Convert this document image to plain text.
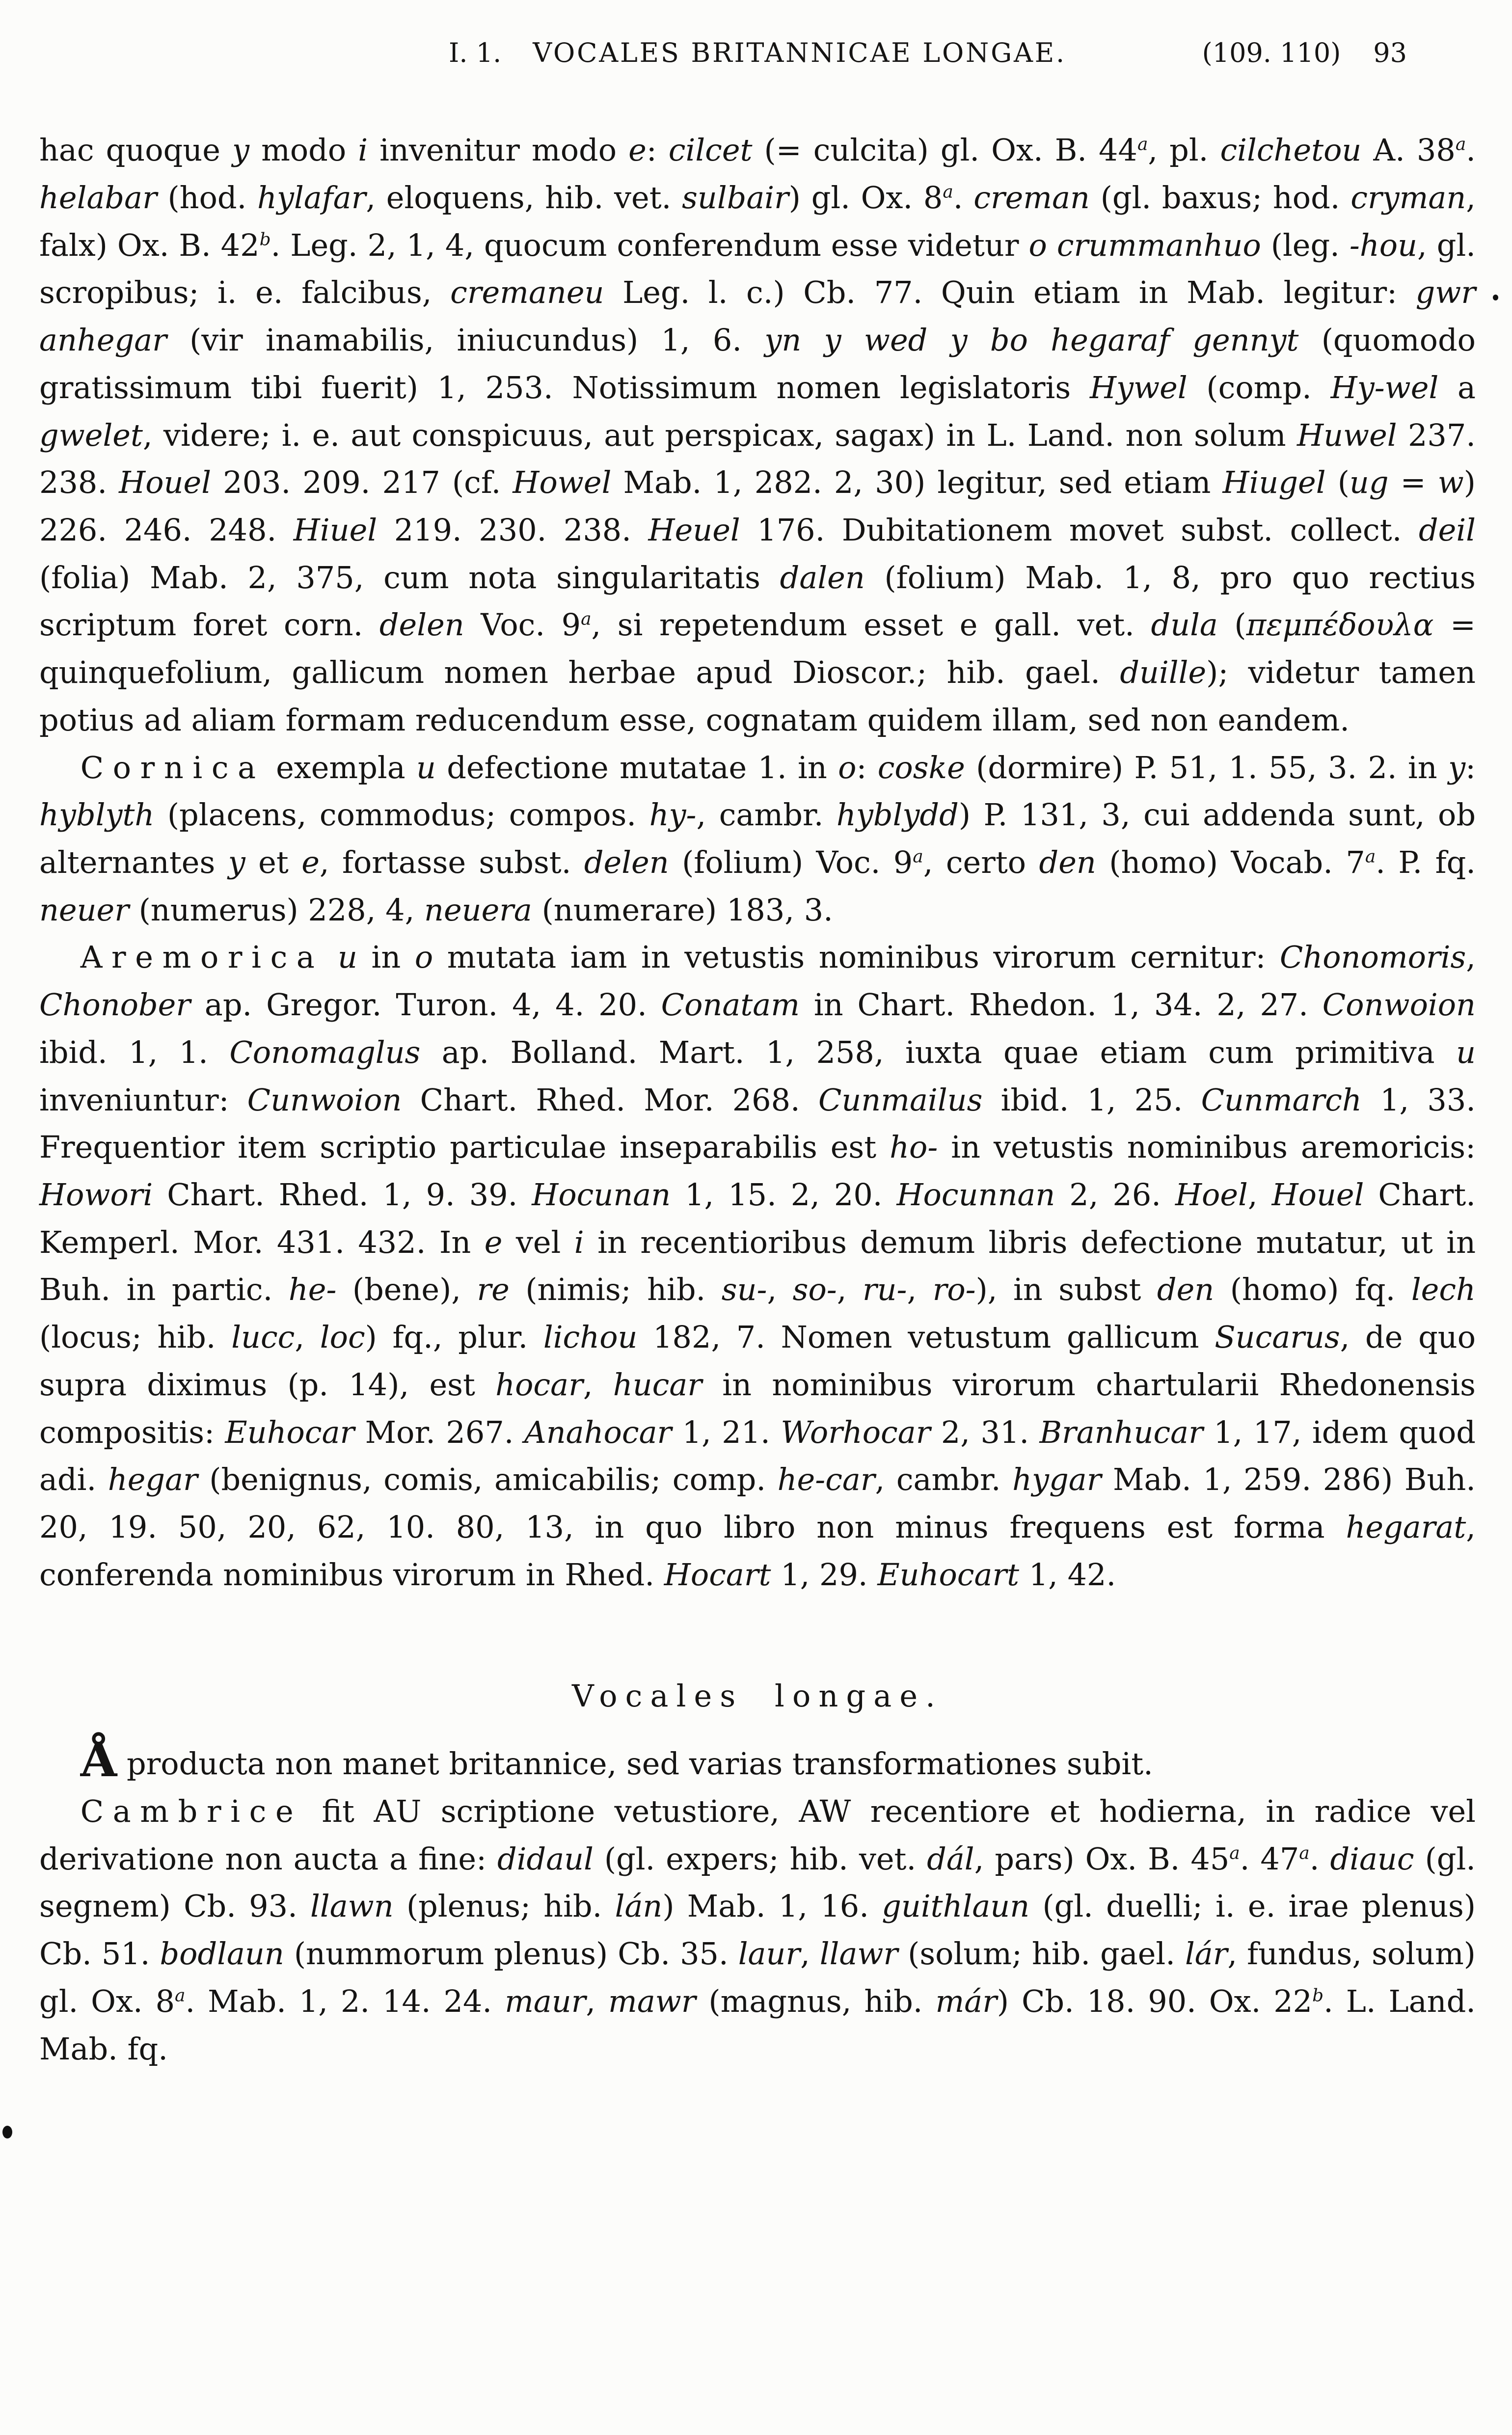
I. 1. VOCALES BRITANNICAE LONGAE.	(109. 110) 93

hac quoque y modo i invenitur modo e: cilcet (= culcita) gl. Ox. B. 44$^a$, pl. cilchetou A. 38$^a$. helabar (hod. hylafar, eloquens, hib. vet. sulbair) gl. Ox. 8$^a$. creman (gl. baxus; hod. cryman, falx) Ox. B. 42$^b$. Leg. 2, 1, 4, quocum conferendum esse videtur o crummanhuo (leg. -hou, gl. scropibus; i. e. falcibus, cremaneu Leg. l. c.) Cb. 77. Quin etiam in Mab. legitur: gwr anhegar (vir inamabilis, iniucundus) 1, 6. yn y wed y bo hegaraf gennyt (quomodo gratissimum tibi fuerit) 1, 253. Notissimum nomen legislatoris Hywel (comp. Hy-wel a gwelet, videre; i. e. aut conspicuus, aut perspicax, sagax) in L. Land. non solum Huwel 237. 238. Houel 203. 209. 217 (cf. Howel Mab. 1, 282. 2, 30) legitur, sed etiam Hiugel (ug = w) 226. 246. 248. Hiuel 219. 230. 238. Heuel 176. Dubitationem movet subst. collect. deil (folia) Mab. 2, 375, cum nota singularitatis dalen (folium) Mab. 1, 8, pro quo rectius scriptum foret corn. delen Voc. 9$^a$, si repetendum esset e gall. vet. dula (πεμπέδουλα = quinquefolium, gallicum nomen herbae apud Dioscor.; hib. gael. duille); videtur tamen potius ad aliam formam reducendum esse, cognatam quidem illam, sed non eandem.

Cornica exempla u defectione mutatae 1. in o: coske (dormire) P. 51, 1. 55, 3. 2. in y: hyblyth (placens, commodus; compos. hy-, cambr. hyblydd) P. 131, 3, cui addenda sunt, ob alternantes y et e, fortasse subst. delen (folium) Voc. 9$^a$, certo den (homo) Vocab. 7$^a$. P. fq. neuer (numerus) 228, 4, neuera (numerare) 183, 3.

Aremorica u in o mutata iam in vetustis nominibus virorum cernitur: Chonomoris, Chonober ap. Gregor. Turon. 4, 4. 20. Conatam in Chart. Rhedon. 1, 34. 2, 27. Conwoion ibid. 1, 1. Conomaglus ap. Bolland. Mart. 1, 258, iuxta quae etiam cum primitiva u inveniuntur: Cunwoion Chart. Rhed. Mor. 268. Cunmailus ibid. 1, 25. Cunmarch 1, 33. Frequentior item scriptio particulae inseparabilis est ho- in vetustis nominibus aremoricis: Howori Chart. Rhed. 1, 9. 39. Hocunan 1, 15. 2, 20. Hocunnan 2, 26. Hoel, Houel Chart. Kemperl. Mor. 431. 432. In e vel i in recentioribus demum libris defectione mutatur, ut in Buh. in partic. he- (bene), re (nimis; hib. su-, so-, ru-, ro-), in subst den (homo) fq. lech (locus; hib. lucc, loc) fq., plur. lichou 182, 7. Nomen vetustum gallicum Sucarus, de quo supra diximus (p. 14), est hocar, hucar in nominibus virorum chartularii Rhedonensis compositis: Euhocar Mor. 267. Anahocar 1, 21. Worhocar 2, 31. Branhucar 1, 17, idem quod adi. hegar (benignus, comis, amicabilis; comp. he-car, cambr. hygar Mab. 1, 259. 286) Buh. 20, 19. 50, 20, 62, 10. 80, 13, in quo libro non minus frequens est forma hegarat, conferenda nominibus virorum in Rhed. Hocart 1, 29. Euhocart 1, 42.

Vocales longae.

Å producta non manet britannice, sed varias transformationes subit.

Cambrice fit AU scriptione vetustiore, AW recentiore et hodierna, in radice vel derivatione non aucta a fine: didaul (gl. expers; hib. vet. dál, pars) Ox. B. 45$^a$. 47$^a$. diauc (gl. segnem) Cb. 93. llawn (plenus; hib. lán) Mab. 1, 16. guithlaun (gl. duelli; i. e. irae plenus) Cb. 51. bodlaun (nummorum plenus) Cb. 35. laur, llawr (solum; hib. gael. lár, fundus, solum) gl. Ox. 8$^a$. Mab. 1, 2. 14. 24. maur, mawr (magnus, hib. már) Cb. 18. 90. Ox. 22$^b$. L. Land. Mab. fq.
